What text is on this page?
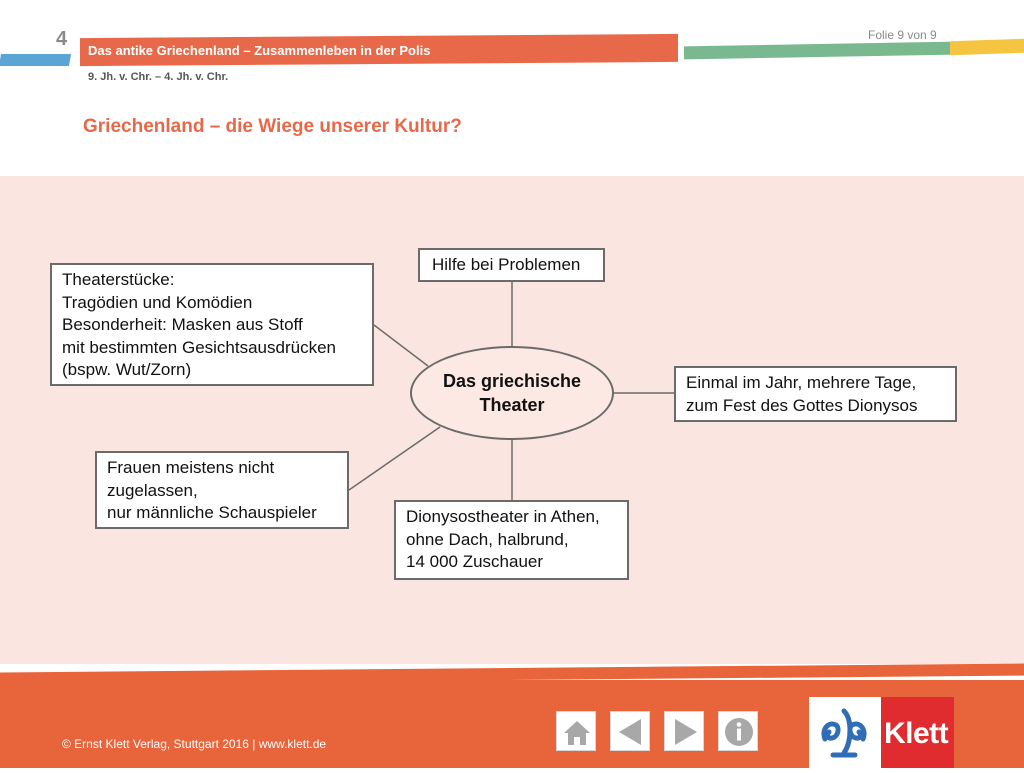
4
Das antike Griechenland – Zusammenleben in der Polis
9. Jh. v. Chr. – 4. Jh. v. Chr.
Folie 9 von 9
Griechenland – die Wiege unserer Kultur?
Hilfe bei Problemen
Theaterstücke:
Tragödien und Komödien
Besonderheit: Masken aus Stoff
mit bestimmten Gesichtsausdrücken
(bspw. Wut/Zorn)
Einmal im Jahr, mehrere Tage,
zum Fest des Gottes Dionysos
Frauen meistens nicht
zugelassen,
nur männliche Schauspieler	Dionysostheater in Athen,
ohne Dach, halbrund,
14 000 Zuschauer
Das griechische
Theater
© Ernst Klett Verlag, Stuttgart 2016 | www.klett.de	Klett
